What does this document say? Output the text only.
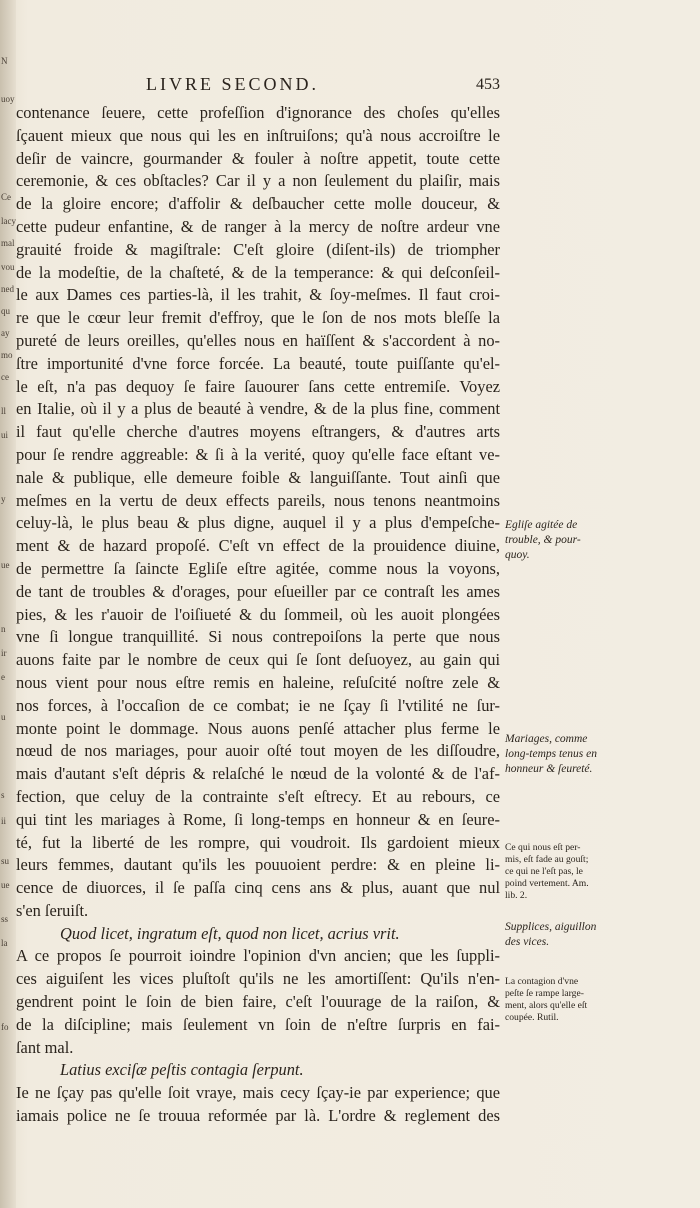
N
uoy
Ce
lacy
mal
vou
ned
qu
ay
mo
ce
ll
ui
y
ue
n
ir
e
u
s
ii
su
ue
ss
la
fo
LIVRE SECOND.	453
contenance ſeuere, cette profeſſion d'ignorance des choſes qu'elles
ſçauent mieux que nous qui les en inſtruiſons; qu'à nous accroiſtre le
deſir de vaincre, gourmander & fouler à noſtre appetit, toute cette
ceremonie, & ces obſtacles? Car il y a non ſeulement du plaiſir, mais
de la gloire encore; d'affolir & deſbaucher cette molle douceur, &
cette pudeur enfantine, & de ranger à la mercy de noſtre ardeur vne
grauité froide & magiſtrale: C'eſt gloire (diſent-ils) de triompher
de la modeſtie, de la chaſteté, & de la temperance: & qui deſconſeil-
le aux Dames ces parties-là, il les trahit, & ſoy-meſmes. Il faut croi-
re que le cœur leur fremit d'effroy, que le ſon de nos mots bleſſe la
pureté de leurs oreilles, qu'elles nous en haïſſent & s'accordent à no-
ſtre importunité d'vne force forcée. La beauté, toute puiſſante qu'el-
le eſt, n'a pas dequoy ſe faire ſauourer ſans cette entremiſe. Voyez
en Italie, où il y a plus de beauté à vendre, & de la plus fine, comment
il faut qu'elle cherche d'autres moyens eſtrangers, & d'autres arts
pour ſe rendre aggreable: & ſi à la verité, quoy qu'elle face eſtant ve-
nale & publique, elle demeure foible & languiſſante. Tout ainſi que
meſmes en la vertu de deux effects pareils, nous tenons neantmoins
celuy-là, le plus beau & plus digne, auquel il y a plus d'empeſche-
ment & de hazard propoſé. C'eſt vn effect de la prouidence diuine,
de permettre ſa ſaincte Egliſe eſtre agitée, comme nous la voyons,
de tant de troubles & d'orages, pour eſueiller par ce contraſt les ames
pies, & les r'auoir de l'oiſiueté & du ſommeil, où les auoit plongées
vne ſi longue tranquillité. Si nous contrepoiſons la perte que nous
auons faite par le nombre de ceux qui ſe ſont deſuoyez, au gain qui
nous vient pour nous eſtre remis en haleine, reſuſcité noſtre zele &
nos forces, à l'occaſion de ce combat; ie ne ſçay ſi l'vtilité ne ſur-
monte point le dommage. Nous auons penſé attacher plus ferme le
nœud de nos mariages, pour auoir oſté tout moyen de les diſſoudre,
mais d'autant s'eſt dépris & relaſché le nœud de la volonté & de l'af-
fection, que celuy de la contrainte s'eſt eſtrecy. Et au rebours, ce
qui tint les mariages à Rome, ſi long-temps en honneur & en ſeure-
té, fut la liberté de les rompre, qui voudroit. Ils gardoient mieux
leurs femmes, dautant qu'ils les pouuoient perdre: & en pleine li-
cence de diuorces, il ſe paſſa cinq cens ans & plus, auant que nul
s'en ſeruiſt.
Quod licet, ingratum eſt, quod non licet, acrius vrit.
A ce propos ſe pourroit ioindre l'opinion d'vn ancien; que les ſuppli-
ces aiguiſent les vices pluſtoſt qu'ils ne les amortiſſent: Qu'ils n'en-
gendrent point le ſoin de bien faire, c'eſt l'ouurage de la raiſon, &
de la diſcipline; mais ſeulement vn ſoin de n'eſtre ſurpris en fai-
ſant mal.
Latius exciſæ peſtis contagia ſerpunt.
Ie ne ſçay pas qu'elle ſoit vraye, mais cecy ſçay-ie par experience; que
iamais police ne ſe trouua reformée par là. L'ordre & reglement des
Egliſe agitée de
trouble, & pour-
quoy.
Mariages, comme
long-temps tenus en
honneur & ſeureté.
Ce qui nous eſt per-
mis, eſt fade au gouſt;
ce qui ne l'eſt pas, le
poind vertement. Am.
lib. 2.
Supplices, aiguillon
des vices.
La contagion d'vne
peſte ſe rampe large-
ment, alors qu'elle eſt
coupée. Rutil.
